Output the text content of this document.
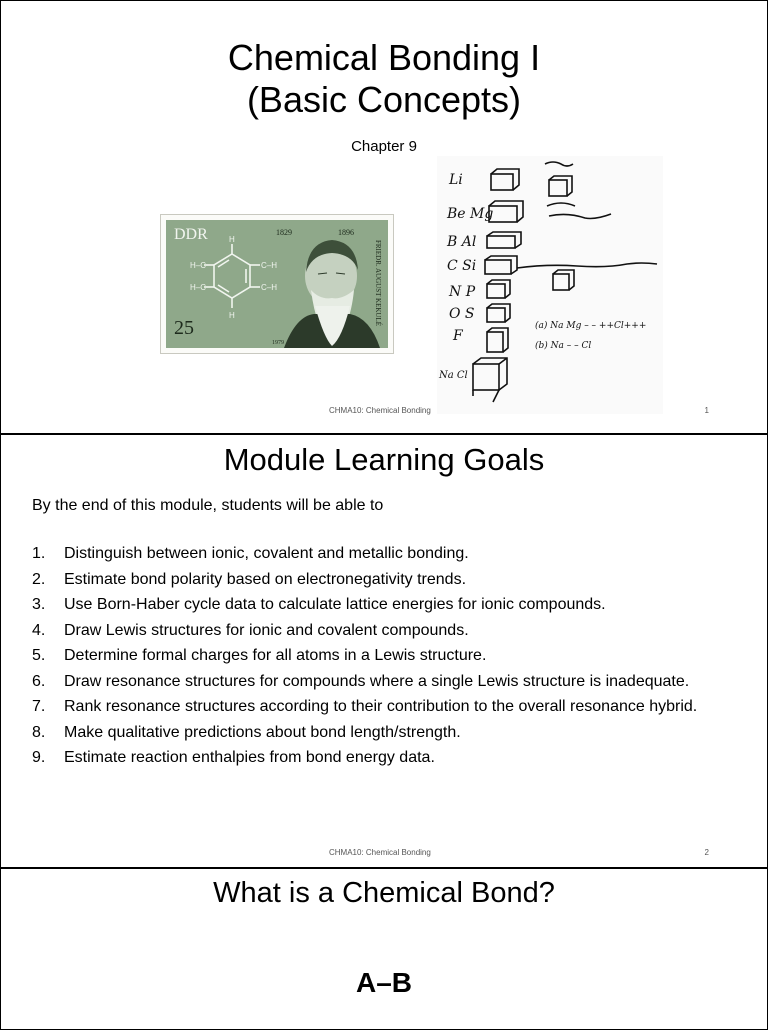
Chemical Bonding I
(Basic Concepts)
Chapter 9
H
H
H–C
H–C
C–H
C–H	FRIEDR. AUGUST KEKULÉ
DDR	1829	1896
25
1979
Li
Be Mg
B Al
C Si
N P
O S
F
Na Cl
(a) Na Mg – – ++Cl+++
(b) Na – – Cl
CHMA10: Chemical Bonding	1
Module Learning Goals
By the end of this module, students will be able to
1. Distinguish between ionic, covalent and metallic bonding.
2. Estimate bond polarity based on electronegativity trends.
3. Use Born-Haber cycle data to calculate lattice energies for ionic compounds.
4. Draw Lewis structures for ionic and covalent compounds.
5. Determine formal charges for all atoms in a Lewis structure.
6. Draw resonance structures for compounds where a single Lewis structure is inadequate.
7. Rank resonance structures according to their contribution to the overall resonance hybrid.
8. Make qualitative predictions about bond length/strength.
9. Estimate reaction enthalpies from bond energy data.
CHMA10: Chemical Bonding	2
What is a Chemical Bond?
A–B
